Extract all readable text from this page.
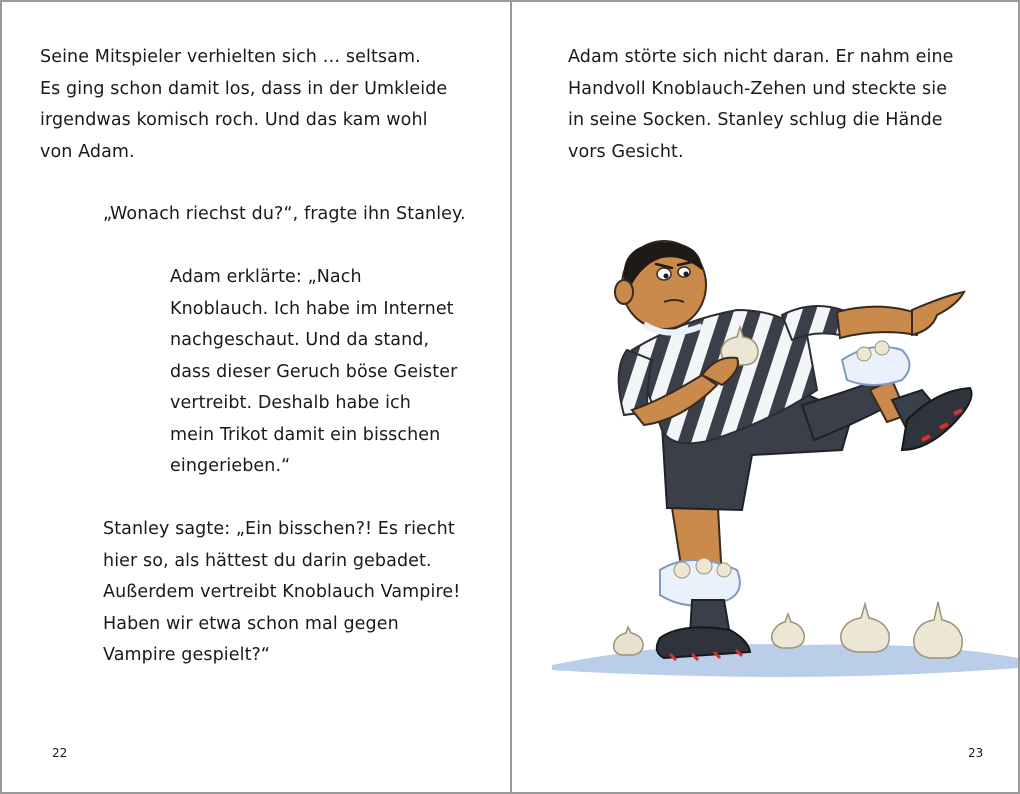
Seine Mitspieler verhielten sich … seltsam.
Es ging schon damit los, dass in der Umkleide
irgendwas komisch roch. Und das kam wohl
von Adam.
„Wonach riechst du?“, fragte ihn Stanley.
Adam erklärte: „Nach
Knoblauch. Ich habe im Internet
nachgeschaut. Und da stand,
dass dieser Geruch böse Geister
vertreibt. Deshalb habe ich
mein Trikot damit ein bisschen
eingerieben.“
Stanley sagte: „Ein bisschen?! Es riecht
hier so, als hättest du darin gebadet.
Außerdem vertreibt Knoblauch Vampire!
Haben wir etwa schon mal gegen
Vampire gespielt?“
22
Adam störte sich nicht daran. Er nahm eine
Handvoll Knoblauch-Zehen und steckte sie
in seine Socken. Stanley schlug die Hände
vors Gesicht.
23
